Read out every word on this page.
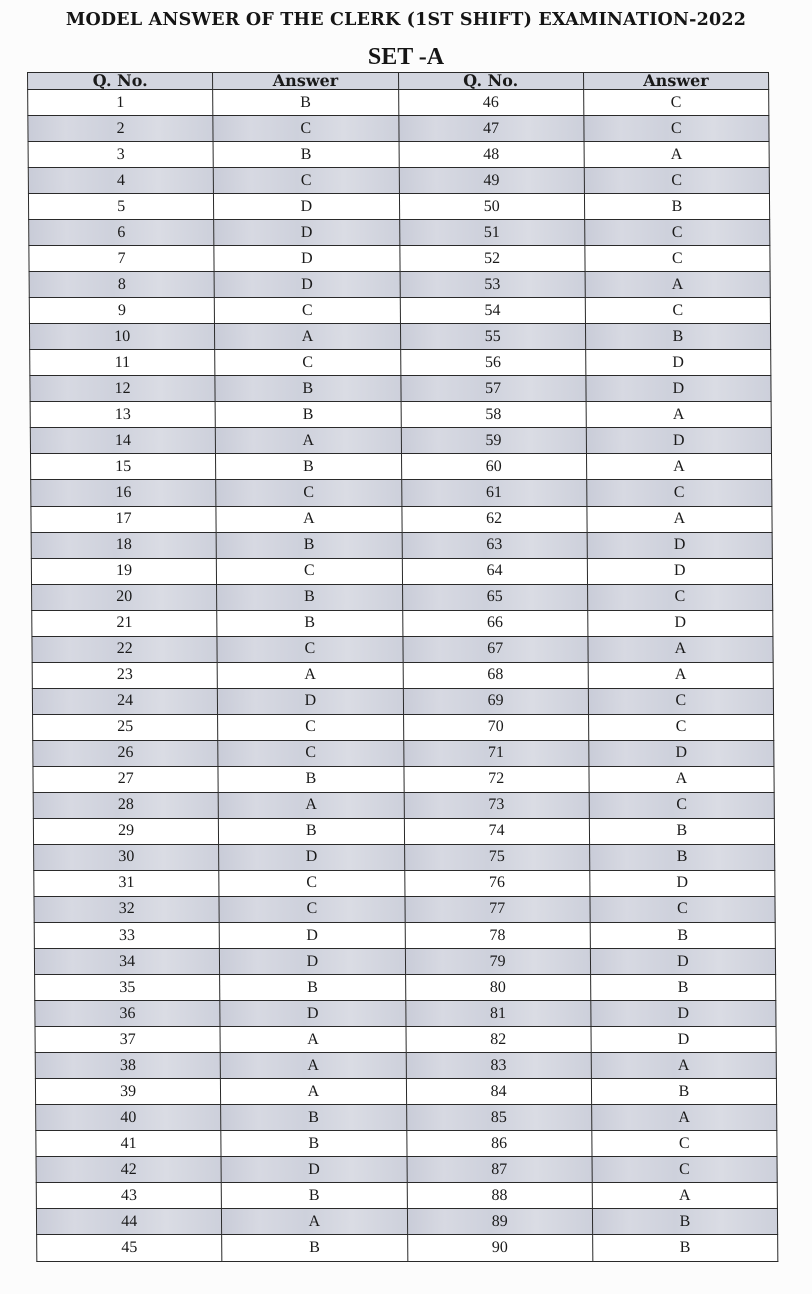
MODEL ANSWER OF THE CLERK (1ST SHIFT) EXAMINATION-2022
SET -A
Q. No.	Answer	Q. No.	Answer
1	B	46	C
2	C	47	C
3	B	48	A
4	C	49	C
5	D	50	B
6	D	51	C
7	D	52	C
8	D	53	A
9	C	54	C
10	A	55	B
11	C	56	D
12	B	57	D
13	B	58	A
14	A	59	D
15	B	60	A
16	C	61	C
17	A	62	A
18	B	63	D
19	C	64	D
20	B	65	C
21	B	66	D
22	C	67	A
23	A	68	A
24	D	69	C
25	C	70	C
26	C	71	D
27	B	72	A
28	A	73	C
29	B	74	B
30	D	75	B
31	C	76	D
32	C	77	C
33	D	78	B
34	D	79	D
35	B	80	B
36	D	81	D
37	A	82	D
38	A	83	A
39	A	84	B
40	B	85	A
41	B	86	C
42	D	87	C
43	B	88	A
44	A	89	B
45	B	90	B
